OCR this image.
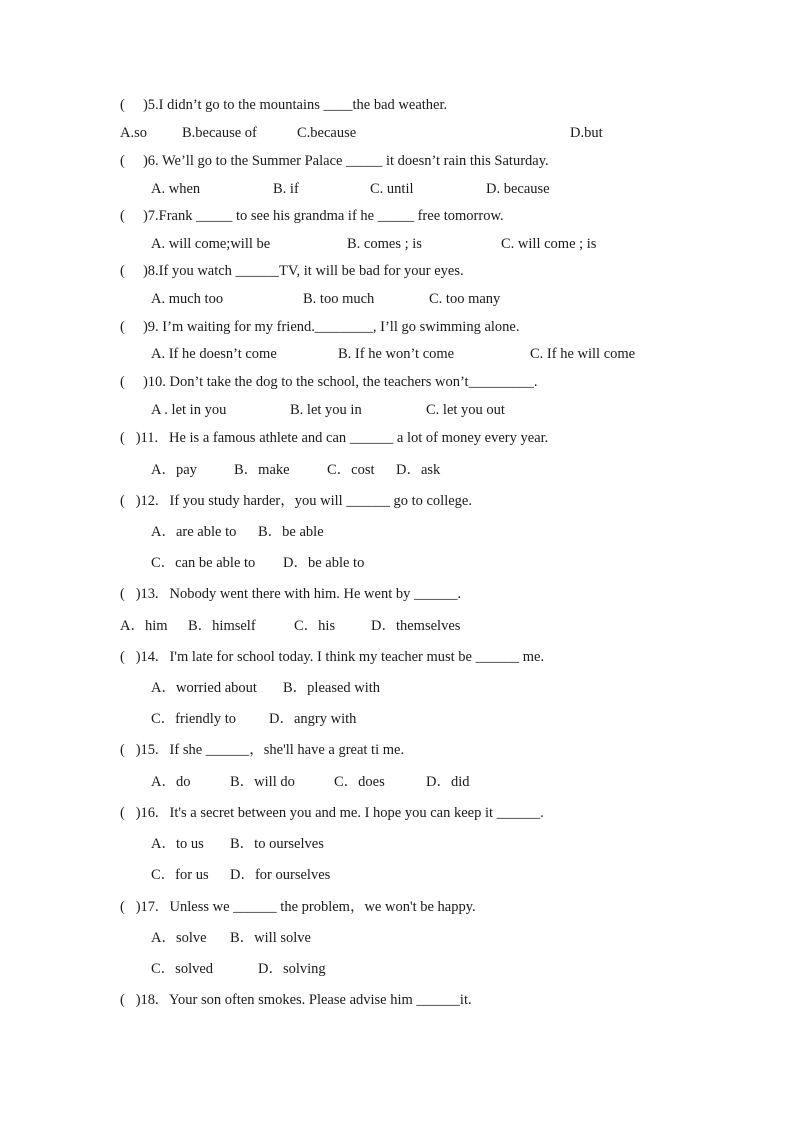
(     )5.I didn’t go to the mountains ____the bad weather.
A.so B.because of	C.because	D.but
(     )6. We’ll go to the Summer Palace _____ it doesn’t rain this Saturday.
A. when	B. if	C. until	D. because
(     )7.Frank _____ to see his grandma if he _____ free tomorrow.
A. will come;will be	B. comes ; is	C. will come ; is
(     )8.If you watch ______TV, it will be bad for your eyes.
A. much too	B. too much	C. too many
(     )9. I’m waiting for my friend.________, I’ll go swimming alone.
A. If he doesn’t come	B. If he won’t come	C. If he will come
(     )10. Don’t take the dog to the school, the teachers won’t_________.
A . let in you	B. let you in	C. let you out
(   )11.   He is a famous athlete and can ______ a lot of money every year.
A．pay	B．make	C．cost D．ask
(   )12.   If you study harder，you will ______ go to college.
A．are able to B．be able
C．can be able to D．be able to
(   )13.   Nobody went there with him. He went by ______.
A．him B．himself	C．his D．themselves
(   )14.   I'm late for school today. I think my teacher must be ______ me.
A．worried about B．pleased with
C．friendly to D．angry with
(   )15.   If she ______，she'll have a great ti me.
A．do	B．will do	C．does	D．did
(   )16.   It's a secret between you and me. I hope you can keep it ______.
A．to us B．to ourselves
C．for us D．for ourselves
(   )17.   Unless we ______ the problem，we won't be happy.
A．solve B．will solve
C．solved	D．solving
(   )18.   Your son often smokes. Please advise him ______it.
